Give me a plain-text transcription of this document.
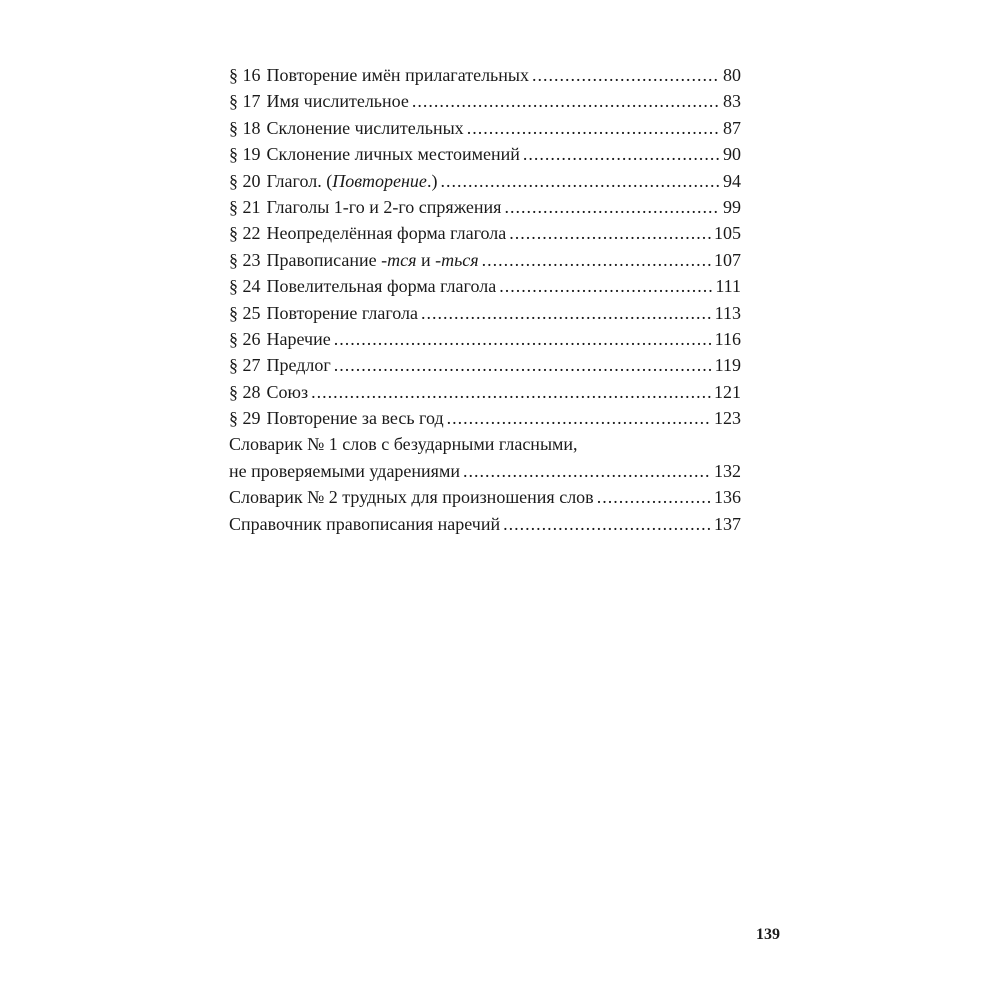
§ 16 Повторение имён прилагательных .....	80
§ 17 Имя числительное .....	83
§ 18 Склонение числительных .....	87
§ 19 Склонение личных местоимений .....	90
§ 20 Глагол. (Повторение.) .....	94
§ 21 Глаголы 1-го и 2-го спряжения .....	99
§ 22 Неопределённая форма глагола .....	105
§ 23 Правописание -тся и -ться .....	107
§ 24 Повелительная форма глагола .....	111
§ 25 Повторение глагола .....	113
§ 26 Наречие .....	116
§ 27 Предлог .....	119
§ 28 Союз .....	121
§ 29 Повторение за весь год .....	123
Словарик № 1 слов с безударными гласными,
не проверяемыми ударениями .....	132
Словарик № 2 трудных для произношения слов .....	136
Справочник правописания наречий .....	137
139
